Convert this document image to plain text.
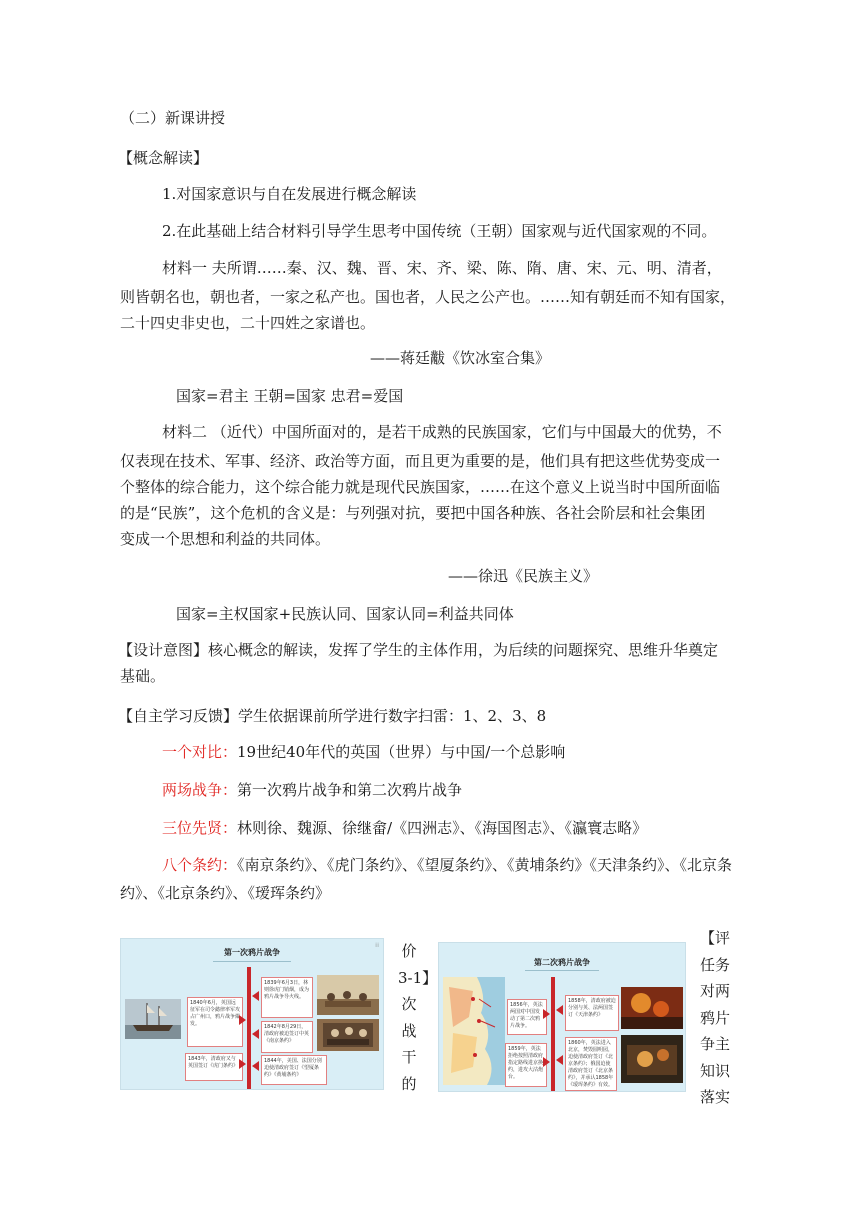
（二）新课讲授
【概念解读】
1.对国家意识与自在发展进行概念解读
2.在此基础上结合材料引导学生思考中国传统（王朝）国家观与近代国家观的不同。
材料一 夫所谓……秦、汉、魏、晋、宋、齐、梁、陈、隋、唐、宋、元、明、清者，
则皆朝名也，朝也者，一家之私产也。国也者，人民之公产也。……知有朝廷而不知有国家，
二十四史非史也，二十四姓之家谱也。
——蒋廷黻《饮冰室合集》
国家=君主 王朝=国家 忠君=爱国
材料二 （近代）中国所面对的，是若干成熟的民族国家，它们与中国最大的优势，不
仅表现在技术、军事、经济、政治等方面，而且更为重要的是，他们具有把这些优势变成一
个整体的综合能力，这个综合能力就是现代民族国家，……在这个意义上说当时中国所面临
的是“民族”，这个危机的含义是：与列强对抗，要把中国各种族、各社会阶层和社会集团
变成一个思想和利益的共同体。
——徐迅《民族主义》
国家=主权国家+民族认同、国家认同=利益共同体
【设计意图】核心概念的解读，发挥了学生的主体作用，为后续的问题探究、思维升华奠定
基础。
【自主学习反馈】学生依据课前所学进行数字扫雷：1、2、3、8
一个对比：19世纪40年代的英国（世界）与中国/一个总影响
两场战争：第一次鸦片战争和第二次鸦片战争
三位先贤：林则徐、魏源、徐继畲/《四洲志》、《海国图志》、《瀛寰志略》
八个条约：《南京条约》、《虎门条约》、《望厦条约》、《黄埔条约》《天津条约》、《北京条
约》、《北京条约》、《瑷珲条约》
第一次鸦片战争
1840年6月，英国远征军在司令懿律率军攻占广州口，鸦片战争爆发。
1839年6月3日，林则徐虎门销烟，成为鸦片战争导火线。
1842年8月29日，清政府被迫签订中英《南京条约》
1843年，清政府又与英国签订《虎门条约》
1844年，美国、法国分别迫使清政府签订《望厦条约》《黄埔条约》
⁞⁞ 价
3-1】
次
战
干
的
第二次鸦片战争
1856年，英法两国对中国发动了第二次鸦片战争。
1858年，清政府被迫分别与英、法两国签订《天津条约》
1859年，英法拒绝按照清政府指定路线进京换约，进攻大沽炮台。
1860年，英法进入北京，焚毁圆明园，迫使清政府签订《北京条约》；俄国迫使清政府签订《北京条约》，并承认1858年《瑷珲条约》有效。
【评
任务
对两
鸦片
争主
知识
落实
